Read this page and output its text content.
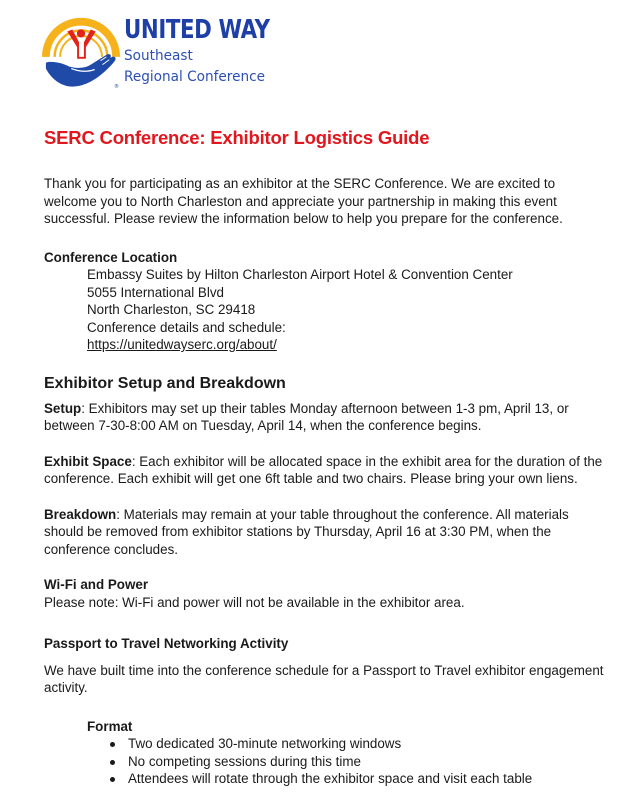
®
UNITED WAY
Southeast
Regional Conference
SERC Conference: Exhibitor Logistics Guide

Thank you for participating as an exhibitor at the SERC Conference. We are excited to welcome you to North Charleston and appreciate your partnership in making this event successful. Please review the information below to help you prepare for the conference.

Conference Location
Embassy Suites by Hilton Charleston Airport Hotel & Convention Center
5055 International Blvd
North Charleston, SC 29418
Conference details and schedule:
https://unitedwayserc.org/about/
Exhibitor Setup and Breakdown

Setup: Exhibitors may set up their tables Monday afternoon between 1-3 pm, April 13, or between 7-30-8:00 AM on Tuesday, April 14, when the conference begins.

Exhibit Space: Each exhibitor will be allocated space in the exhibit area for the duration of the conference. Each exhibit will get one 6ft table and two chairs. Please bring your own liens.

Breakdown: Materials may remain at your table throughout the conference. All materials should be removed from exhibitor stations by Thursday, April 16 at 3:30 PM, when the conference concludes.

Wi-Fi and Power

Please note: Wi-Fi and power will not be available in the exhibitor area.

Passport to Travel Networking Activity

We have built time into the conference schedule for a Passport to Travel exhibitor engagement activity.

Format
Two dedicated 30-minute networking windows
No competing sessions during this time
Attendees will rotate through the exhibitor space and visit each table
